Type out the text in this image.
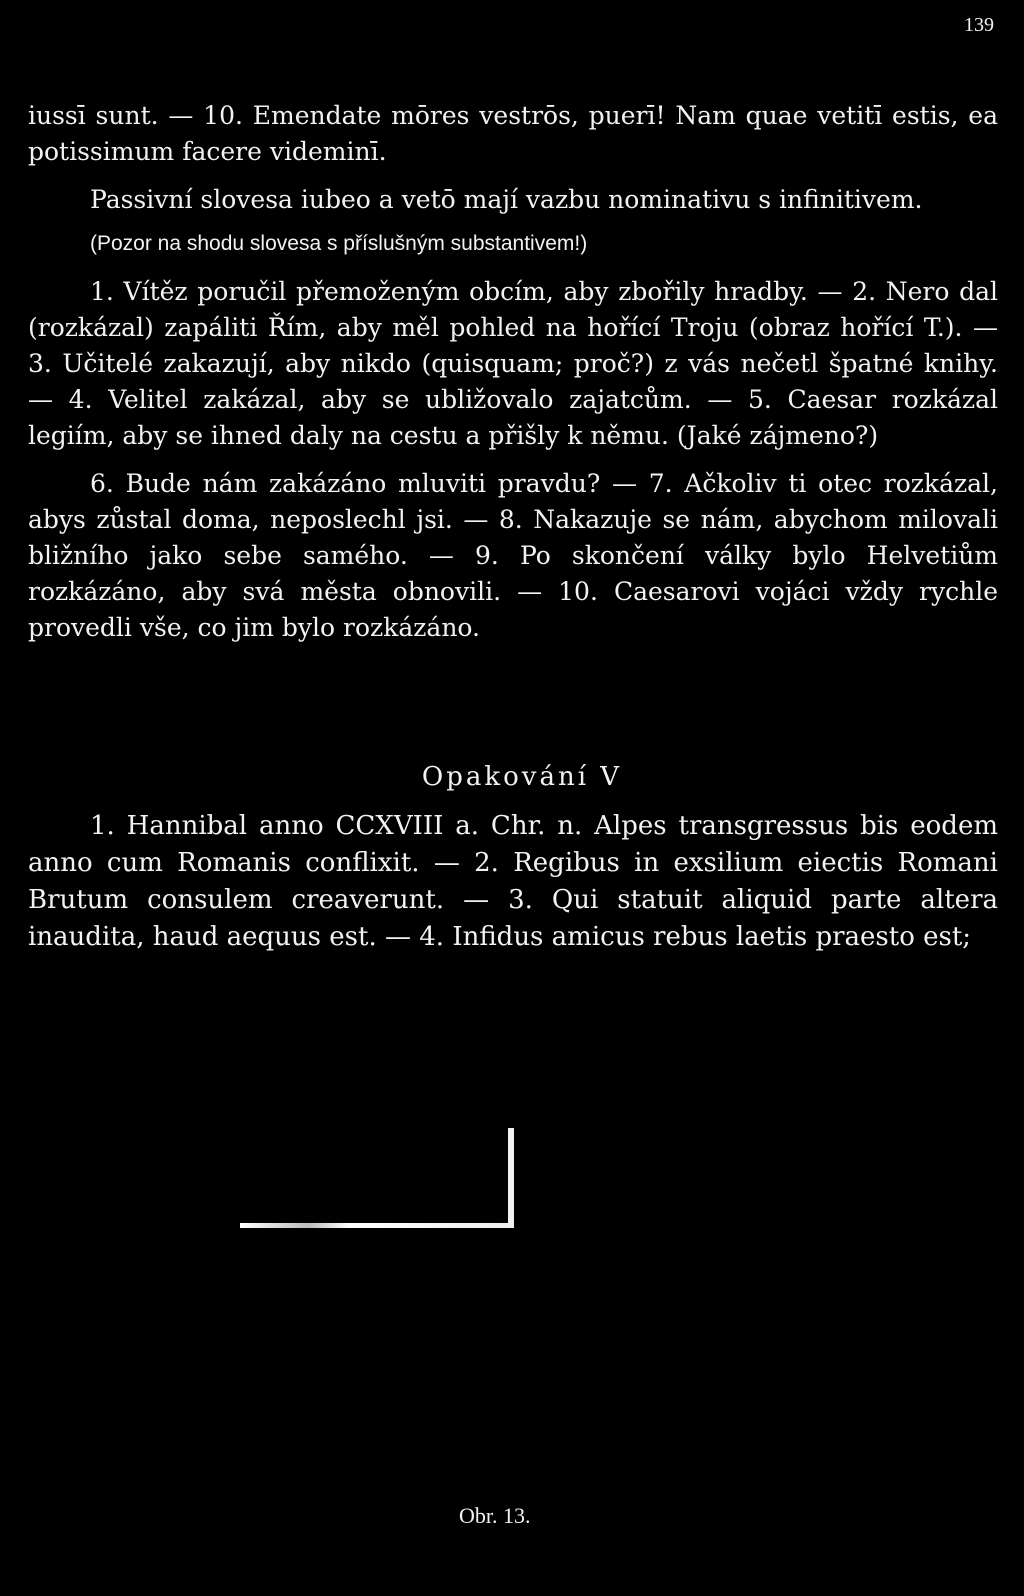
139

iussī sunt. — 10. Emendate mōres vestrōs, puerī! Nam quae vetitī estis, ea potissimum facere videminī.

Passivní slovesa iubeo a vetō mají vazbu nominativu s infinitivem.

(Pozor na shodu slovesa s příslušným substantivem!)

1. Vítěz poručil přemoženým obcím, aby zbořily hradby. — 2. Nero dal (rozkázal) zapáliti Řím, aby měl pohled na hořící Troju (obraz hořící T.). — 3. Učitelé zakazují, aby nikdo (quisquam; proč?) z vás nečetl špatné knihy. — 4. Velitel zakázal, aby se ubližovalo zajatcům. — 5. Caesar rozkázal legiím, aby se ihned daly na cestu a přišly k němu. (Jaké zájmeno?)

6. Bude nám zakázáno mluviti pravdu? — 7. Ačkoliv ti otec rozkázal, abys zůstal doma, neposlechl jsi. — 8. Nakazuje se nám, abychom milovali bližního jako sebe samého. — 9. Po skončení války bylo Helvetiům rozkázáno, aby svá města obnovili. — 10. Caesarovi vojáci vždy rychle provedli vše, co jim bylo rozkázáno.

Opakování V

1. Hannibal anno CCXVIII a. Chr. n. Alpes transgressus bis eodem anno cum Romanis conflixit. — 2. Regibus in exsilium eiectis Romani Brutum consulem creaverunt. — 3. Qui statuit aliquid parte altera inaudita, haud aequus est. — 4. Infidus amicus rebus laetis praesto est;

Obr. 13.
